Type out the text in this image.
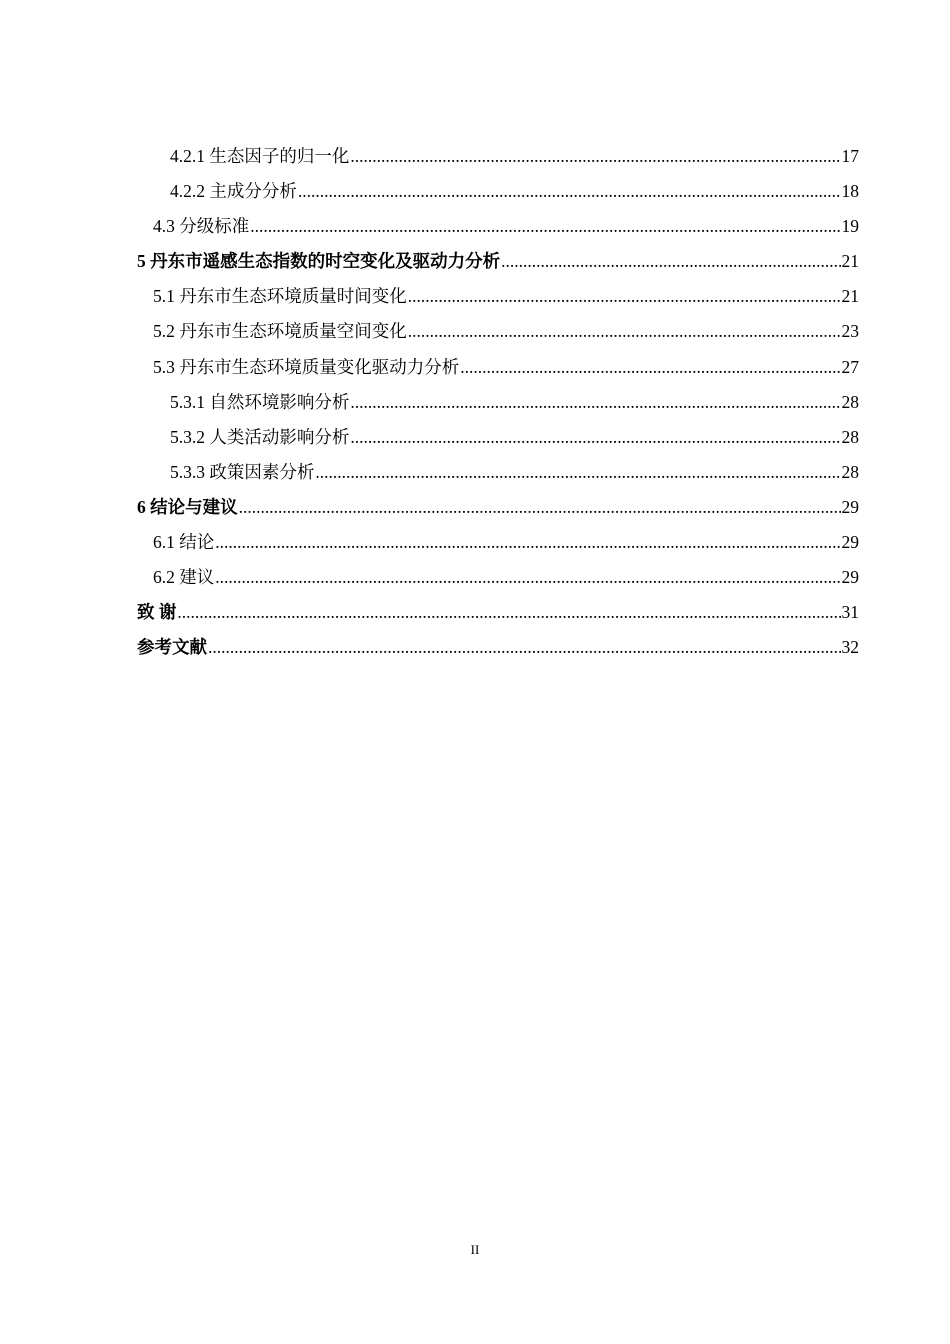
4.2.1 生态因子的归一化 .....	17
4.2.2 主成分分析 .....	18
4.3 分级标准 .....	19
5 丹东市遥感生态指数的时空变化及驱动力分析 .....	21
5.1 丹东市生态环境质量时间变化 .....	21
5.2 丹东市生态环境质量空间变化 .....	23
5.3 丹东市生态环境质量变化驱动力分析 .....	27
5.3.1 自然环境影响分析 .....	28
5.3.2 人类活动影响分析 .....	28
5.3.3 政策因素分析 .....	28
6 结论与建议 .....	29
6.1 结论 .....	29
6.2 建议 .....	29
致 谢 .....	31
参考文献 .....	32
II
